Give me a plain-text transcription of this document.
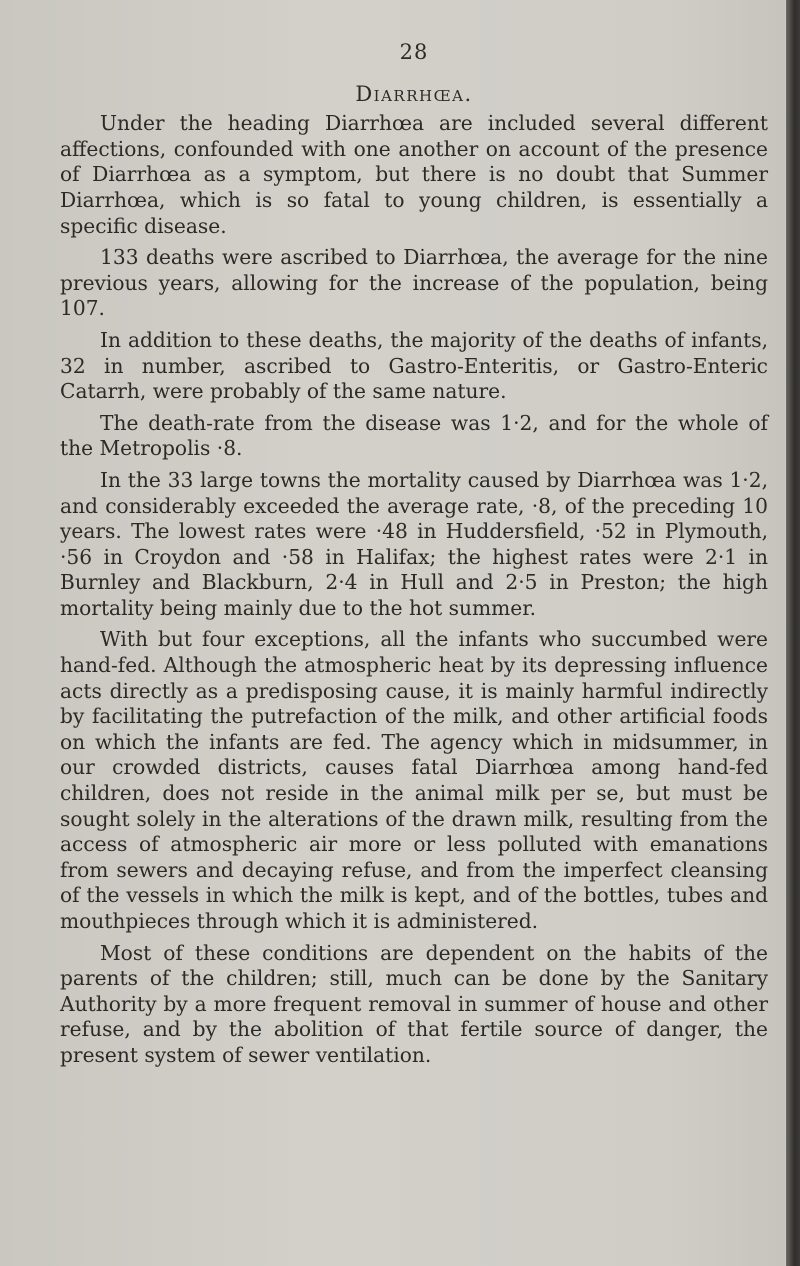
28
Diarrhœa.

Under the heading Diarrhœa are included several different affections, confounded with one another on account of the presence of Diarrhœa as a symptom, but there is no doubt that Summer Diarrhœa, which is so fatal to young children, is essentially a specific disease.

133 deaths were ascribed to Diarrhœa, the average for the nine previous years, allowing for the increase of the population, being 107.

In addition to these deaths, the majority of the deaths of infants, 32 in number, ascribed to Gastro-Enteritis, or Gastro-Enteric Catarrh, were probably of the same nature.

The death-rate from the disease was 1·2, and for the whole of the Metropolis ·8.

In the 33 large towns the mortality caused by Diarrhœa was 1·2, and considerably exceeded the average rate, ·8, of the preceding 10 years. The lowest rates were ·48 in Huddersfield, ·52 in Plymouth, ·56 in Croydon and ·58 in Halifax; the highest rates were 2·1 in Burnley and Blackburn, 2·4 in Hull and 2·5 in Preston; the high mortality being mainly due to the hot summer.

With but four exceptions, all the infants who succumbed were hand-fed. Although the atmospheric heat by its depressing influence acts directly as a predisposing cause, it is mainly harmful indirectly by facilitating the putrefaction of the milk, and other artificial foods on which the infants are fed. The agency which in midsummer, in our crowded districts, causes fatal Diarrhœa among hand-fed children, does not reside in the animal milk per se, but must be sought solely in the alterations of the drawn milk, resulting from the access of atmospheric air more or less polluted with emanations from sewers and decaying refuse, and from the imperfect cleansing of the vessels in which the milk is kept, and of the bottles, tubes and mouthpieces through which it is administered.

Most of these conditions are dependent on the habits of the parents of the children; still, much can be done by the Sanitary Authority by a more frequent removal in summer of house and other refuse, and by the abolition of that fertile source of danger, the present system of sewer ventilation.
